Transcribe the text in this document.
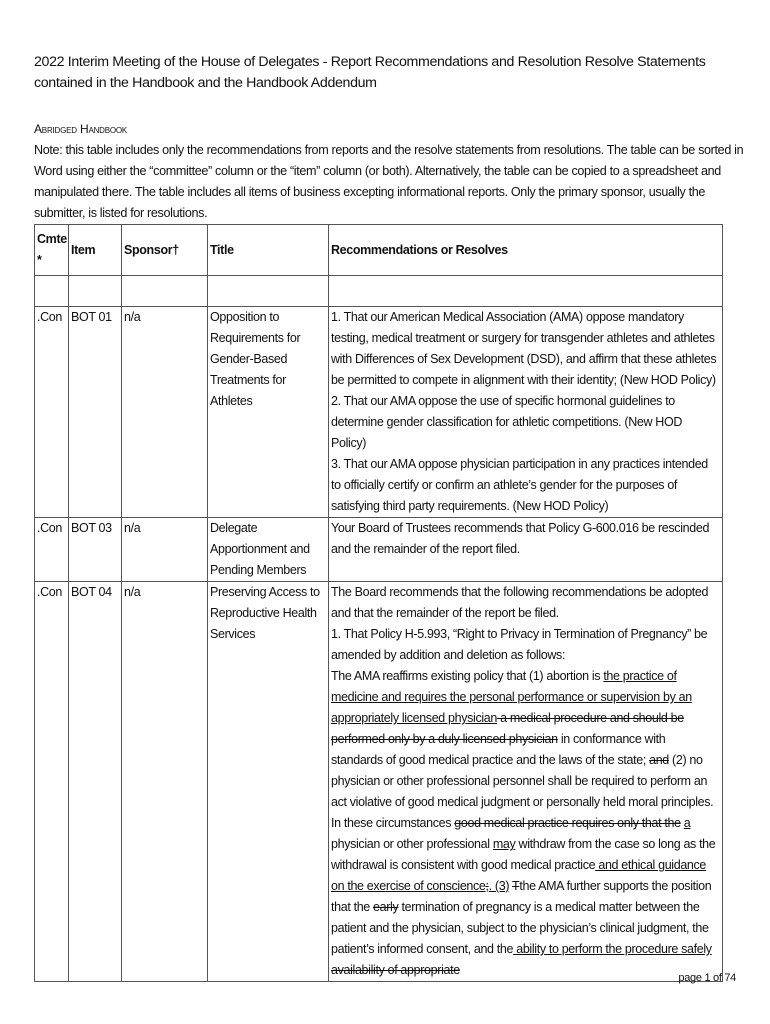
2022 Interim Meeting of the House of Delegates - Report Recommendations and Resolution Resolve Statements contained in the Handbook and the Handbook Addendum
Abridged Handbook
Note: this table includes only the recommendations from reports and the resolve statements from resolutions. The table can be sorted in Word using either the “committee” column or the “item” column (or both). Alternatively, the table can be copied to a spreadsheet and manipulated there. The table includes all items of business excepting informational reports. Only the primary sponsor, usually the submitter, is listed for resolutions.
Cmte *	Item	Sponsor†	Title	Recommendations or Resolves

.Con	BOT 01	n/a	Opposition to Requirements for Gender-Based Treatments for Athletes	1. That our American Medical Association (AMA) oppose mandatory testing, medical treatment or surgery for transgender athletes and athletes with Differences of Sex Development (DSD), and affirm that these athletes be permitted to compete in alignment with their identity; (New HOD Policy)

2. That our AMA oppose the use of specific hormonal guidelines to determine gender classification for athletic competitions. (New HOD Policy)

3. That our AMA oppose physician participation in any practices intended to officially certify or confirm an athlete’s gender for the purposes of satisfying third party requirements. (New HOD Policy)

.Con	BOT 03	n/a	Delegate Apportionment and Pending Members	Your Board of Trustees recommends that Policy G-600.016 be rescinded and the remainder of the report filed.

.Con	BOT 04	n/a	Preserving Access to Reproductive Health Services	The Board recommends that the following recommendations be adopted and that the remainder of the report be filed.

1. That Policy H-5.993, “Right to Privacy in Termination of Pregnancy” be amended by addition and deletion as follows:

The AMA reaffirms existing policy that (1) abortion is the practice of medicine and requires the personal performance or supervision by an appropriately licensed physician a medical procedure and should be performed only by a duly licensed physician in conformance with standards of good medical practice and the laws of the state; and (2) no physician or other professional personnel shall be required to perform an act violative of good medical judgment or personally held moral principles. In these circumstances good medical practice requires only that the a physician or other professional may withdraw from the case so long as the withdrawal is consistent with good medical practice and ethical guidance on the exercise of conscience;. (3) Tthe AMA further supports the position that the early termination of pregnancy is a medical matter between the patient and the physician, subject to the physician’s clinical judgment, the patient’s informed consent, and the ability to perform the procedure safely availability of appropriate

page 1 of 74
